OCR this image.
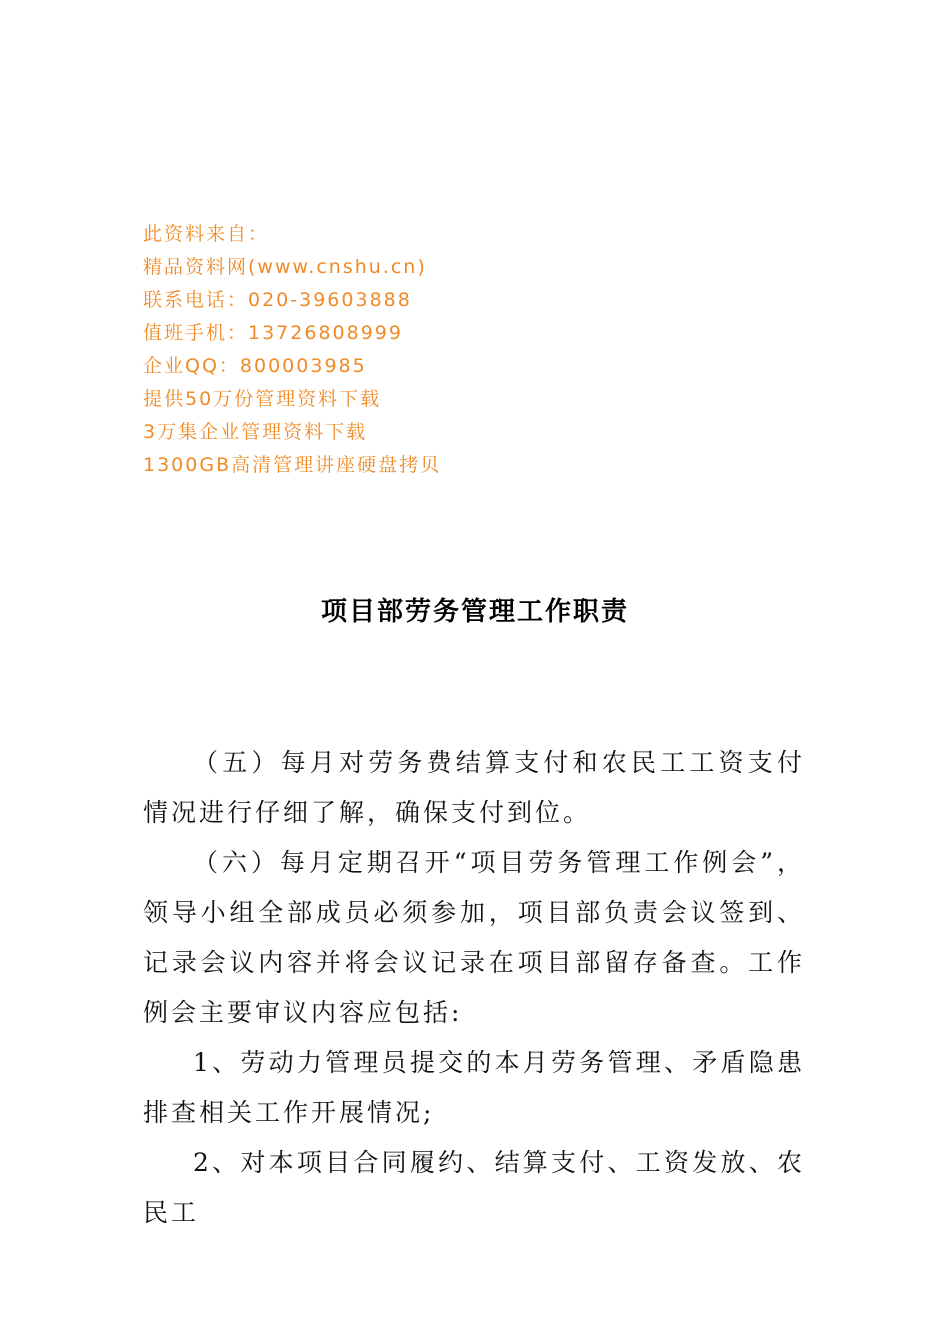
此资料来自：
精品资料网(www.cnshu.cn)
联系电话：020-39603888
值班手机：13726808999
企业QQ：800003985
提供50万份管理资料下载
3万集企业管理资料下载
1300GB高清管理讲座硬盘拷贝
项目部劳务管理工作职责

（五）每月对劳务费结算支付和农民工工资支付情况进行仔细了解，确保支付到位。

（六）每月定期召开“项目劳务管理工作例会”，领导小组全部成员必须参加，项目部负责会议签到、记录会议内容并将会议记录在项目部留存备查。工作例会主要审议内容应包括:

1、劳动力管理员提交的本月劳务管理、矛盾隐患排查相关工作开展情况;

2、对本项目合同履约、结算支付、工资发放、农民工
